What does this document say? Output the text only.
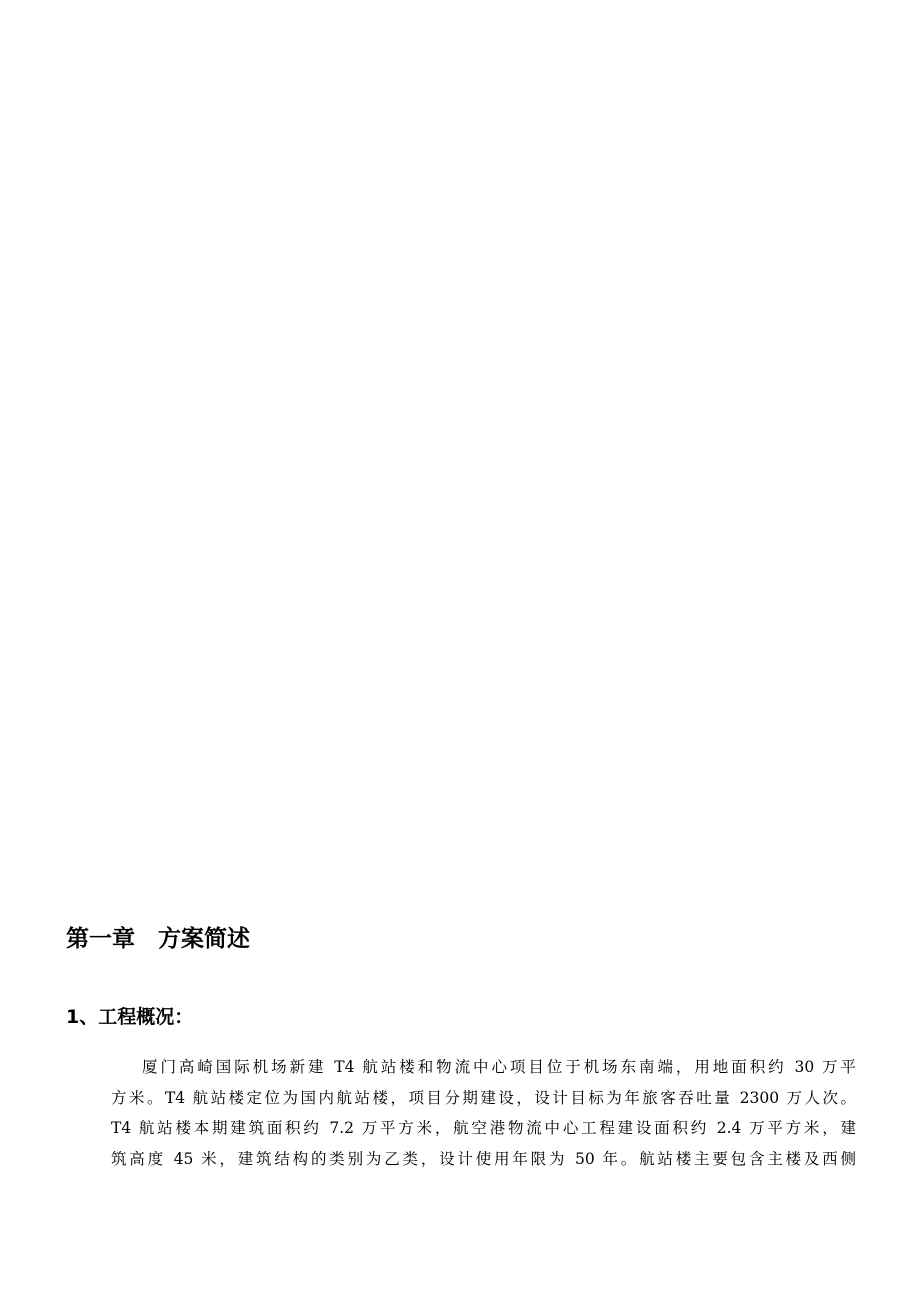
第一章　方案简述
1、工程概况：

厦门高崎国际机场新建 T4 航站楼和物流中心项目位于机场东南端，用地面积约 30 万平
方米。T4 航站楼定位为国内航站楼，项目分期建设，设计目标为年旅客吞吐量 2300 万人次。
T4 航站楼本期建筑面积约 7.2 万平方米，航空港物流中心工程建设面积约 2.4 万平方米，建
筑高度 45 米，建筑结构的类别为乙类，设计使用年限为 50 年。航站楼主要包含主楼及西侧
